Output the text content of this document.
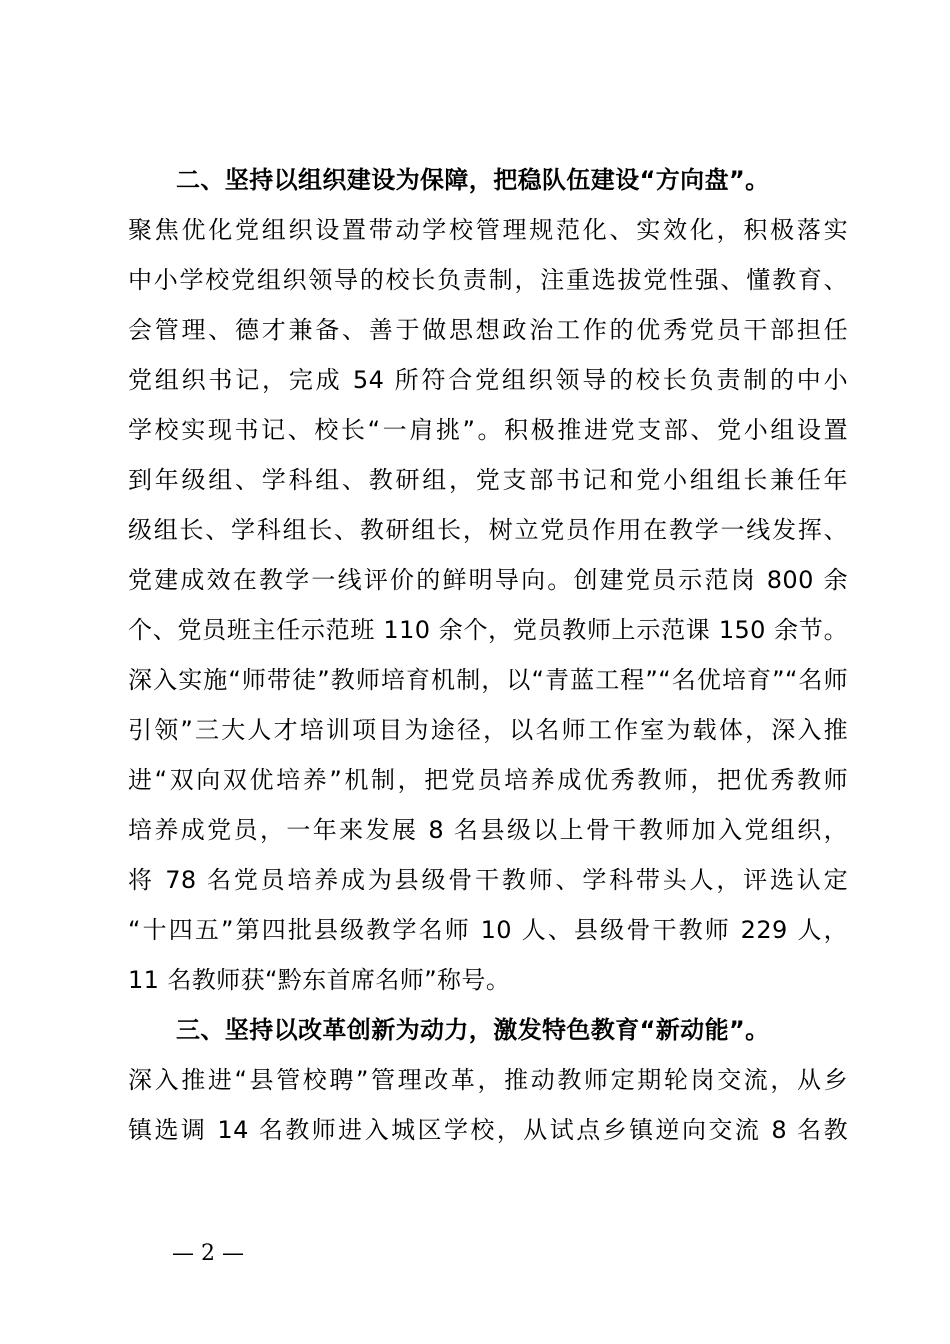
二、坚持以组织建设为保障，把稳队伍建设“方向盘”。
聚焦优化党组织设置带动学校管理规范化、实效化，积极落实
中小学校党组织领导的校长负责制，注重选拔党性强、懂教育、
会管理、德才兼备、善于做思想政治工作的优秀党员干部担任
党组织书记，完成 54 所符合党组织领导的校长负责制的中小
学校实现书记、校长“一肩挑”。积极推进党支部、党小组设置
到年级组、学科组、教研组，党支部书记和党小组组长兼任年
级组长、学科组长、教研组长，树立党员作用在教学一线发挥、
党建成效在教学一线评价的鲜明导向。创建党员示范岗 800 余
个、党员班主任示范班 110 余个，党员教师上示范课 150 余节。
深入实施“师带徒”教师培育机制，以“青蓝工程”“名优培育”“名师
引领”三大人才培训项目为途径，以名师工作室为载体，深入推
进“双向双优培养”机制，把党员培养成优秀教师，把优秀教师
培养成党员，一年来发展 8 名县级以上骨干教师加入党组织，
将 78 名党员培养成为县级骨干教师、学科带头人，评选认定
“十四五”第四批县级教学名师 10 人、县级骨干教师 229 人，
11 名教师获“黔东首席名师”称号。
三、坚持以改革创新为动力，激发特色教育“新动能”。
深入推进“县管校聘”管理改革，推动教师定期轮岗交流，从乡
镇选调 14 名教师进入城区学校，从试点乡镇逆向交流 8 名教
— 2 —
